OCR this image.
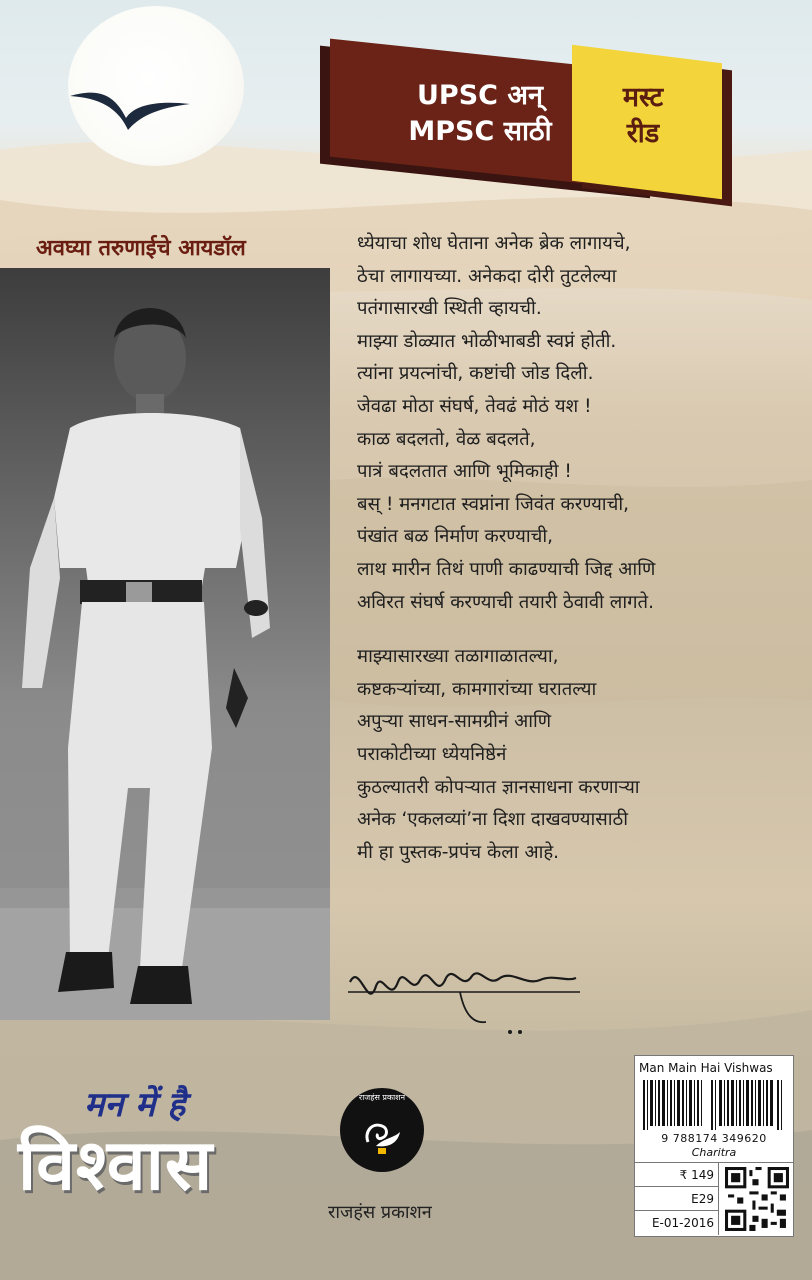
UPSC अन्
MPSC साठी
मस्ट
रीड
अवघ्या तरुणाईचे आयडॉल	ध्येयाचा शोध घेताना अनेक ब्रेक लागायचे,
ठेचा लागायच्या. अनेकदा दोरी तुटलेल्या
पतंगासारखी स्थिती व्हायची.
माझ्या डोळ्यात भोळीभाबडी स्वप्नं होती.
त्यांना प्रयत्नांची, कष्टांची जोड दिली.
जेवढा मोठा संघर्ष, तेवढं मोठं यश !
काळ बदलतो, वेळ बदलते,
पात्रं बदलतात आणि भूमिकाही !
बस् ! मनगटात स्वप्नांना जिवंत करण्याची,
पंखांत बळ निर्माण करण्याची,
लाथ मारीन तिथं पाणी काढण्याची जिद्द आणि
अविरत संघर्ष करण्याची तयारी ठेवावी लागते.
माझ्यासारख्या तळागाळातल्या,
कष्टकऱ्यांच्या, कामगारांच्या घरातल्या
अपुऱ्या साधन-सामग्रीनं आणि
पराकोटीच्या ध्येयनिष्ठेनं
कुठल्यातरी कोपऱ्यात ज्ञानसाधना करणाऱ्या
अनेक ‘एकलव्यां’ना दिशा दाखवण्यासाठी
मी हा पुस्तक-प्रपंच केला आहे.
मन में है
विश्वास
राजहंस प्रकाशन
राजहंस प्रकाशन
Man Main Hai Vishwas
9 788174 349620
Charitra
₹ 149
E29
E-01-2016
